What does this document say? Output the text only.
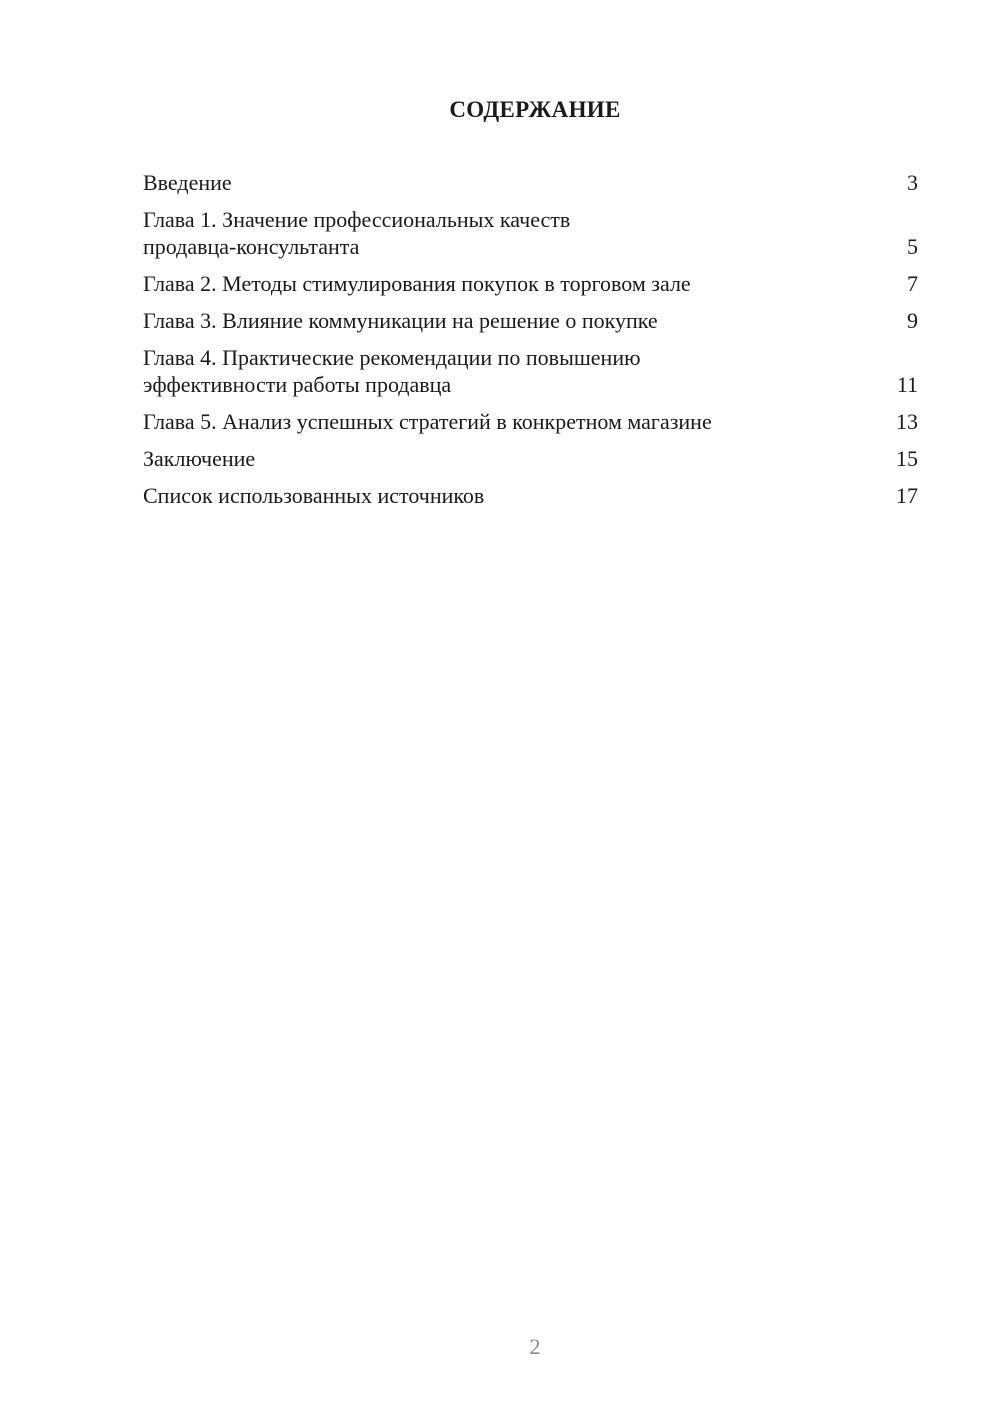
СОДЕРЖАНИЕ
Введение	3
Глава 1. Значение профессиональных качеств
продавца-консультанта	5
Глава 2. Методы стимулирования покупок в торговом зале	7
Глава 3. Влияние коммуникации на решение о покупке	9
Глава 4. Практические рекомендации по повышению
эффективности работы продавца	11
Глава 5. Анализ успешных стратегий в конкретном магазине	13
Заключение	15
Список использованных источников	17
2
